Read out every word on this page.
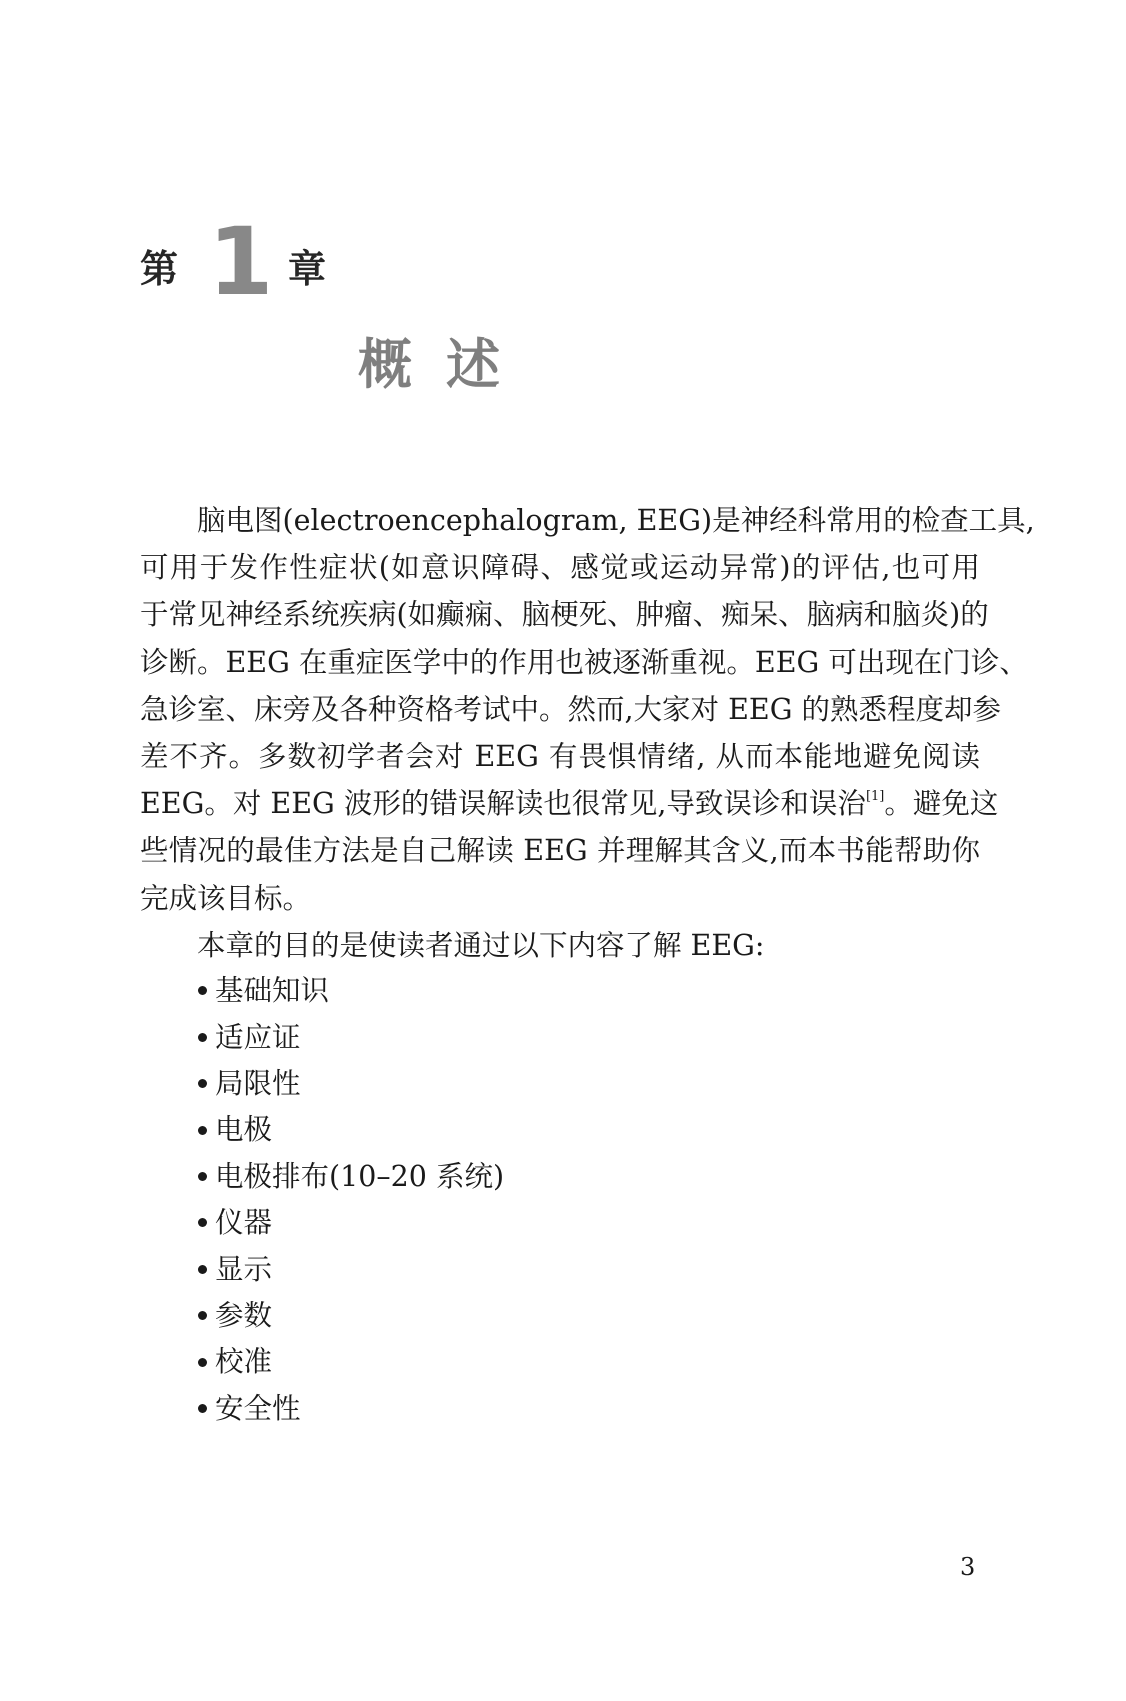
第 1 章
概述
脑电图(electroencephalogram, EEG)是神经科常用的检查工具,
可用于发作性症状(如意识障碍、感觉或运动异常)的评估,也可用
于常见神经系统疾病(如癫痫、脑梗死、肿瘤、痴呆、脑病和脑炎)的
诊断。EEG 在重症医学中的作用也被逐渐重视。EEG 可出现在门诊、
急诊室、床旁及各种资格考试中。然而,大家对 EEG 的熟悉程度却参
差不齐。多数初学者会对 EEG 有畏惧情绪, 从而本能地避免阅读
EEG。对 EEG 波形的错误解读也很常见,导致误诊和误治[1]。避免这
些情况的最佳方法是自己解读 EEG 并理解其含义,而本书能帮助你
完成该目标。
本章的目的是使读者通过以下内容了解 EEG:
基础知识
适应证
局限性
电极
电极排布(10–20 系统)
仪器
显示
参数
校准
安全性
3
